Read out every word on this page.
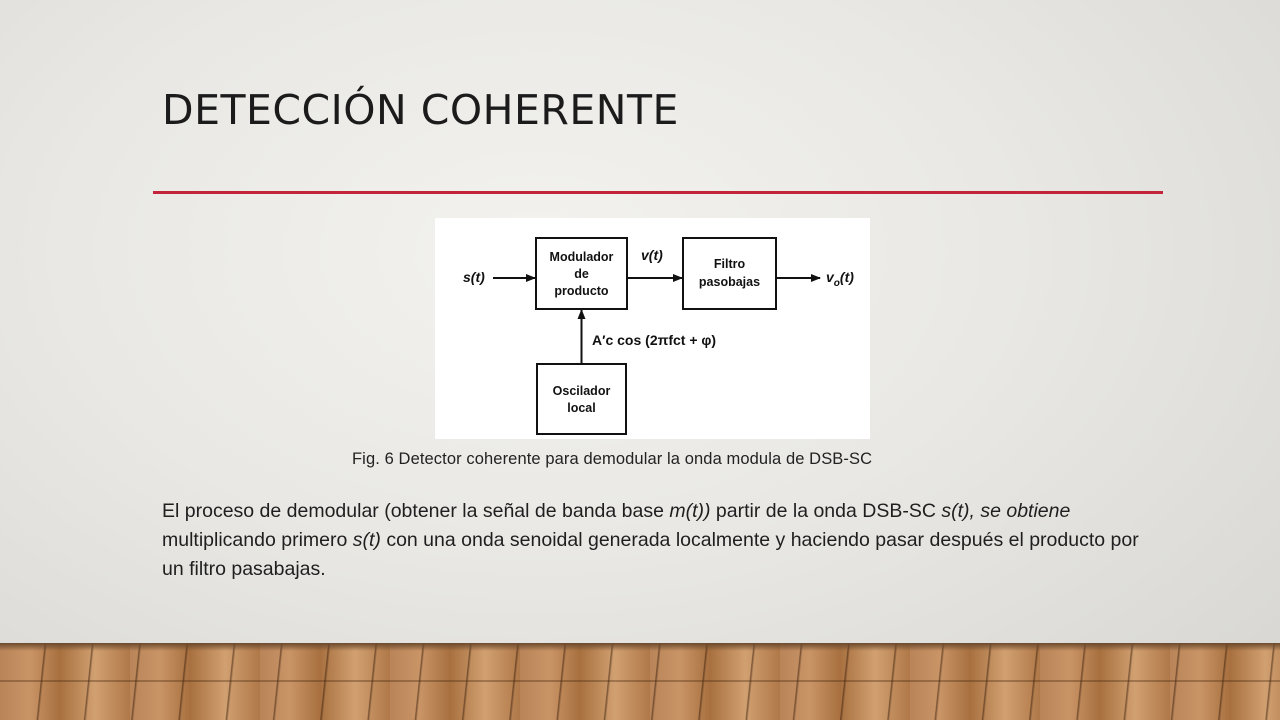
DETECCIÓN COHERENTE
s(t)
Modulador
de
producto
v(t)
Filtro
pasobajas	$v_o(t)$
A′c cos (2πfct + φ)
Oscilador
local
Fig. 6 Detector coherente para demodular la onda modula de DSB-SC
El proceso de demodular (obtener la señal de banda base m(t)) partir de la onda DSB-SC s(t), se obtiene multiplicando primero s(t) con una onda senoidal generada localmente y haciendo pasar después el producto por un filtro pasabajas.
